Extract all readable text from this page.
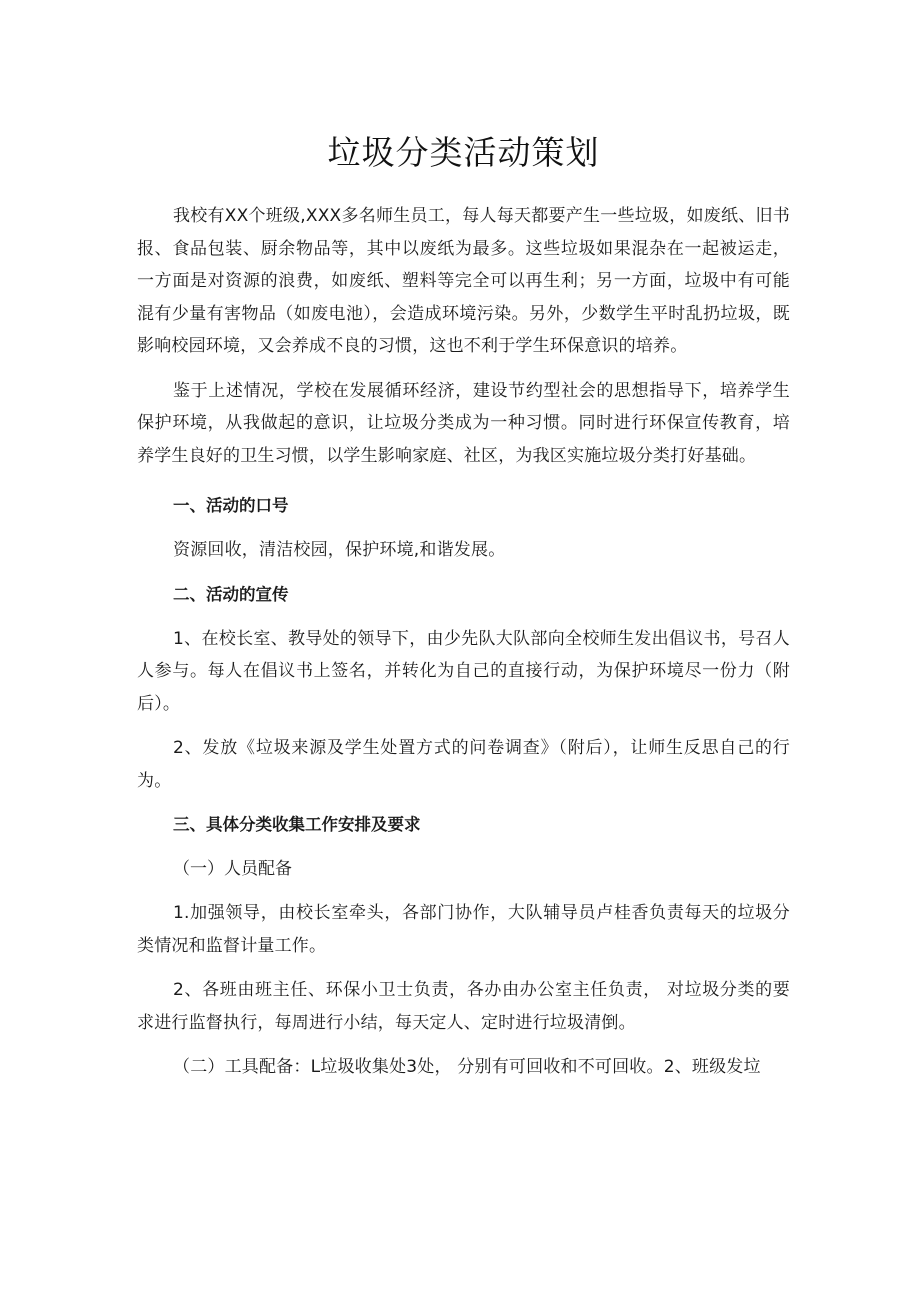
垃圾分类活动策划

我校有XX个班级,XXX多名师生员工，每人每天都要产生一些垃圾，如废纸、旧书报、食品包装、厨余物品等，其中以废纸为最多。这些垃圾如果混杂在一起被运走，一方面是对资源的浪费，如废纸、塑料等完全可以再生利；另一方面，垃圾中有可能混有少量有害物品（如废电池），会造成环境污染。另外，少数学生平时乱扔垃圾，既影响校园环境，又会养成不良的习惯，这也不利于学生环保意识的培养。

鉴于上述情况，学校在发展循环经济，建设节约型社会的思想指导下，培养学生保护环境，从我做起的意识，让垃圾分类成为一种习惯。同时进行环保宣传教育，培养学生良好的卫生习惯，以学生影响家庭、社区，为我区实施垃圾分类打好基础。

一、活动的口号

资源回收，清洁校园，保护环境,和谐发展。

二、活动的宣传

1、在校长室、教导处的领导下，由少先队大队部向全校师生发出倡议书，号召人人参与。每人在倡议书上签名，并转化为自己的直接行动，为保护环境尽一份力（附后）。

2、发放《垃圾来源及学生处置方式的问卷调查》（附后），让师生反思自己的行为。

三、具体分类收集工作安排及要求
（一）人员配备

1.加强领导，由校长室牵头，各部门协作，大队辅导员卢桂香负责每天的垃圾分类情况和监督计量工作。

2、各班由班主任、环保小卫士负责，各办由办公室主任负责， 对垃圾分类的要求进行监督执行，每周进行小结，每天定人、定时进行垃圾清倒。

（二）工具配备：L垃圾收集处3处， 分别有可回收和不可回收。2、班级发垃
